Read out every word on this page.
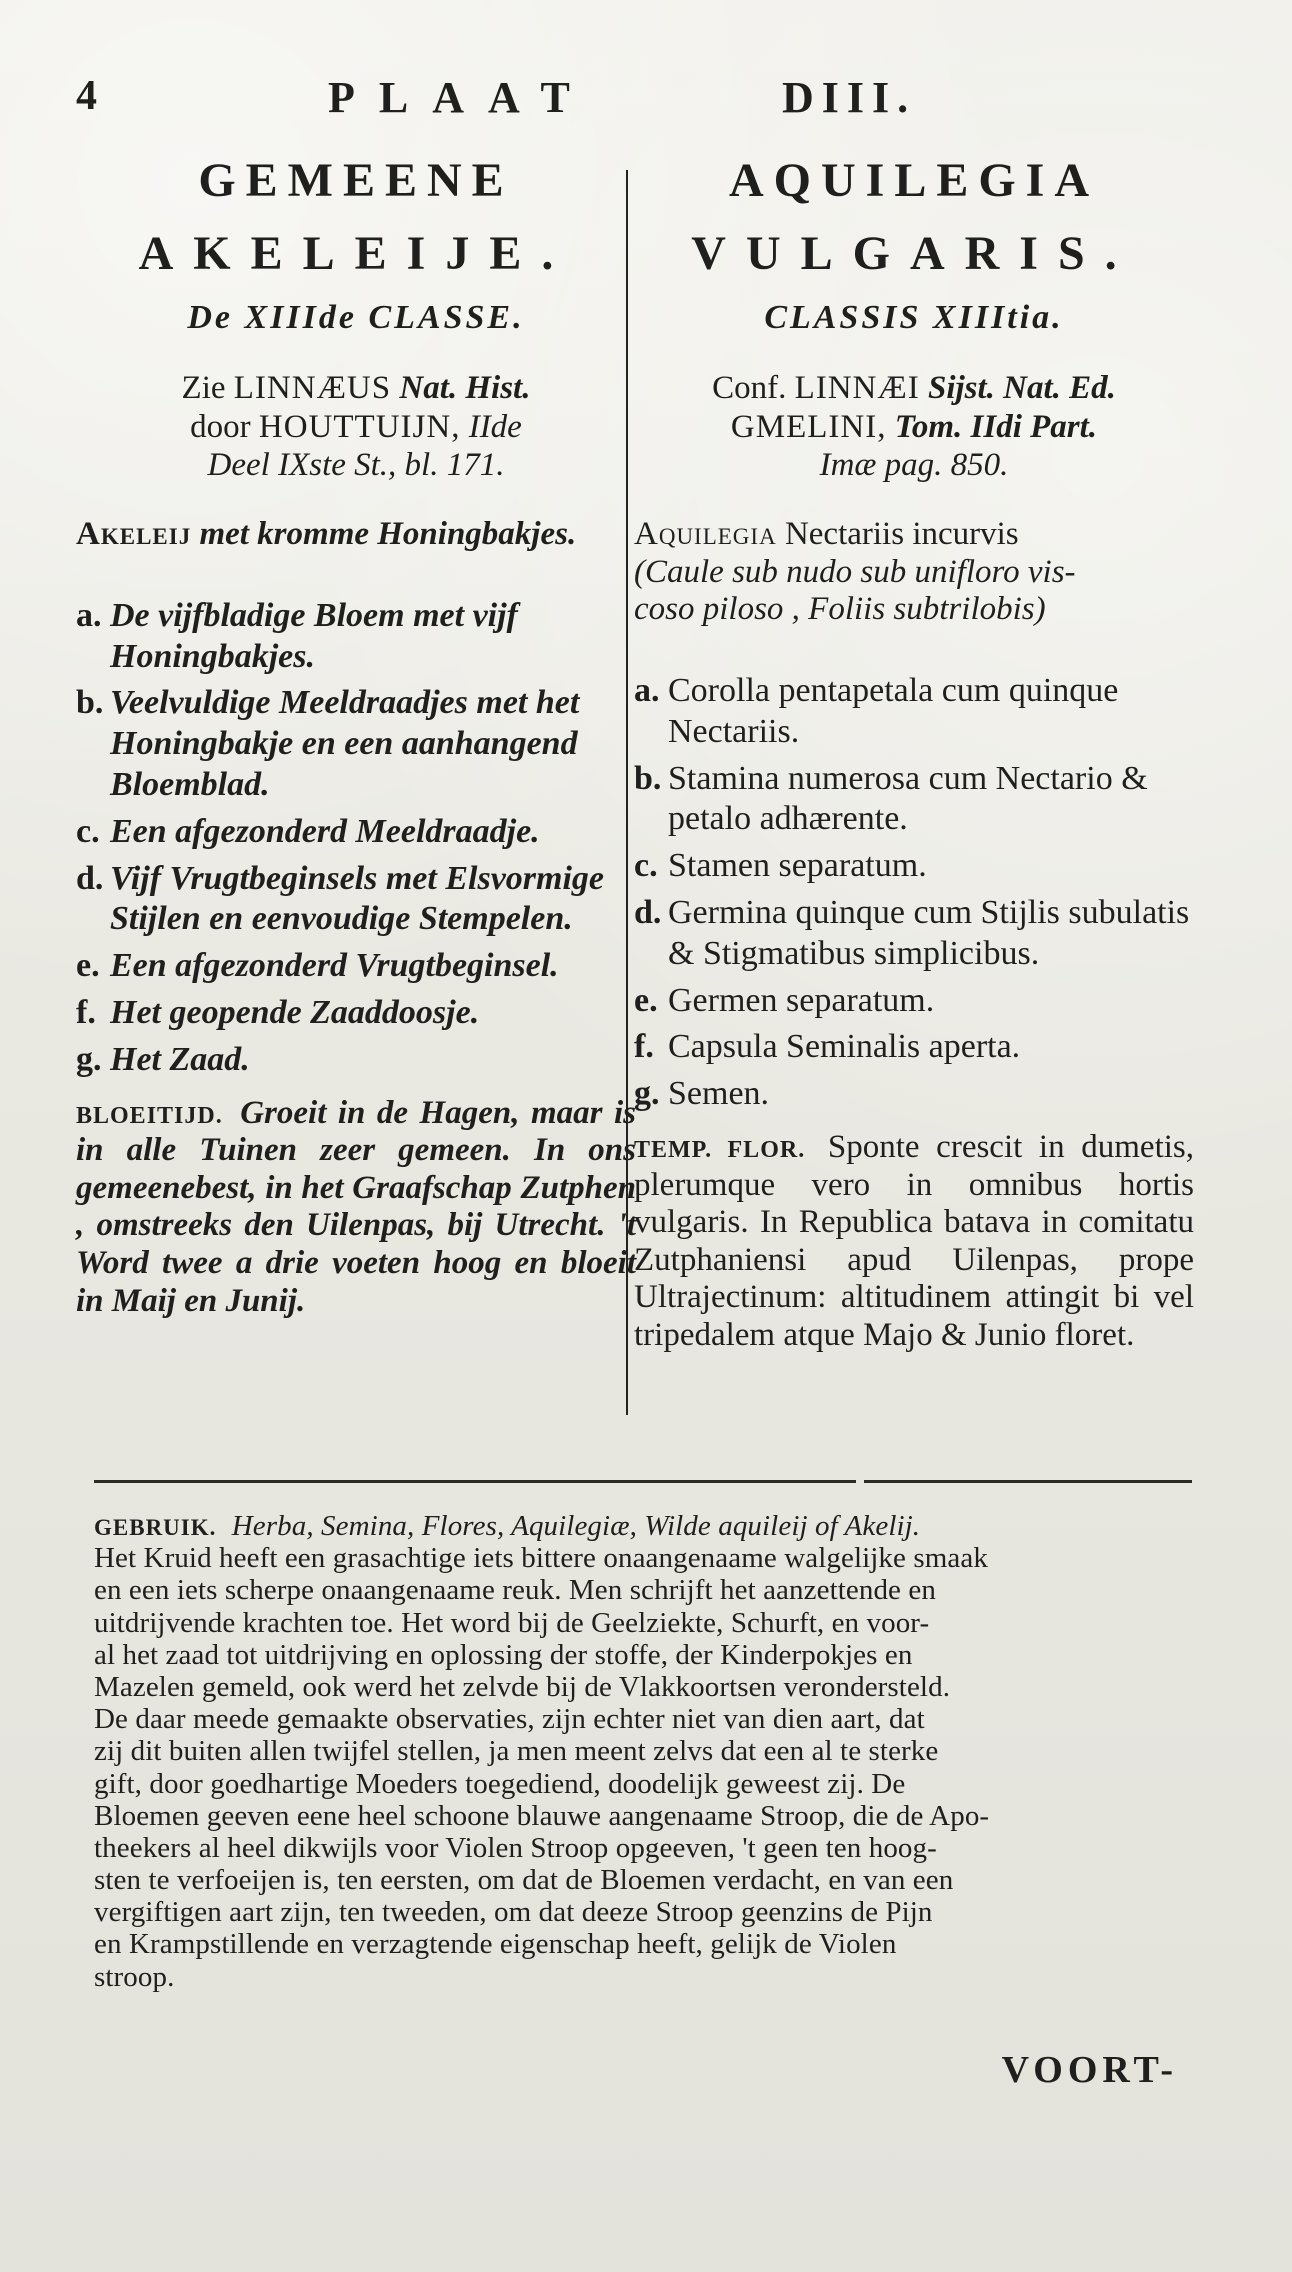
4	PLAAT	DIII.
GEMEENE
AKELEIJE.
De XIIIde CLASSE.
Zie LINNÆUS Nat. Hist.
door HOUTTUIJN, IIde
Deel IXste St., bl. 171.
Akeleij met kromme Honingbakjes.
a. De vijfbladige Bloem met vijf Honingbakjes.
b. Veelvuldige Meeldraadjes met het Honingbakje en een aanhangend Bloemblad.
c. Een afgezonderd Meeldraadje.
d. Vijf Vrugtbeginsels met Elsvormige Stijlen en eenvoudige Stempelen.
e. Een afgezonderd Vrugtbeginsel.
f. Het geopende Zaaddoosje.
g. Het Zaad.
BLOEITIJD. Groeit in de Hagen, maar is in alle Tuinen zeer gemeen. In ons gemeenebest, in het Graafschap Zutphen , omstreeks den Uilenpas, bij Utrecht. 't Word twee a drie voeten hoog en bloeit in Maij en Junij.
AQUILEGIA
VULGARIS.
CLASSIS XIIItia.
Conf. LINNÆI Sijst. Nat. Ed.
GMELINI, Tom. IIdi Part.
Imæ pag. 850.
Aquilegia Nectariis incurvis
(Caule sub nudo sub unifloro vis-
coso piloso , Foliis subtrilobis)
a. Corolla pentapetala cum quinque Nectariis.
b. Stamina numerosa cum Nectario & petalo adhærente.
c. Stamen separatum.
d. Germina quinque cum Stijlis subulatis & Stigmatibus simplicibus.
e. Germen separatum.
f. Capsula Seminalis aperta.
g. Semen.
TEMP. FLOR. Sponte crescit in dumetis, plerumque vero in omnibus hortis vulgaris. In Republica batava in comitatu Zutphaniensi apud Uilenpas, prope Ultrajectinum: altitudinem attingit bi vel tripedalem atque Majo & Junio floret.
GEBRUIK. Herba, Semina, Flores, Aquilegiæ, Wilde aquileij of Akelij.
Het Kruid heeft een grasachtige iets bittere onaangenaame walgelijke smaak
en een iets scherpe onaangenaame reuk. Men schrijft het aanzettende en
uitdrijvende krachten toe. Het word bij de Geelziekte, Schurft, en voor-
al het zaad tot uitdrijving en oplossing der stoffe, der Kinderpokjes en
Mazelen gemeld, ook werd het zelvde bij de Vlakkoortsen verondersteld.
De daar meede gemaakte observaties, zijn echter niet van dien aart, dat
zij dit buiten allen twijfel stellen, ja men meent zelvs dat een al te sterke
gift, door goedhartige Moeders toegediend, doodelijk geweest zij. De
Bloemen geeven eene heel schoone blauwe aangenaame Stroop, die de Apo-
theekers al heel dikwijls voor Violen Stroop opgeeven, 't geen ten hoog-
sten te verfoeijen is, ten eersten, om dat de Bloemen verdacht, en van een
vergiftigen aart zijn, ten tweeden, om dat deeze Stroop geenzins de Pijn
en Krampstillende en verzagtende eigenschap heeft, gelijk de Violen
stroop.
VOORT-
